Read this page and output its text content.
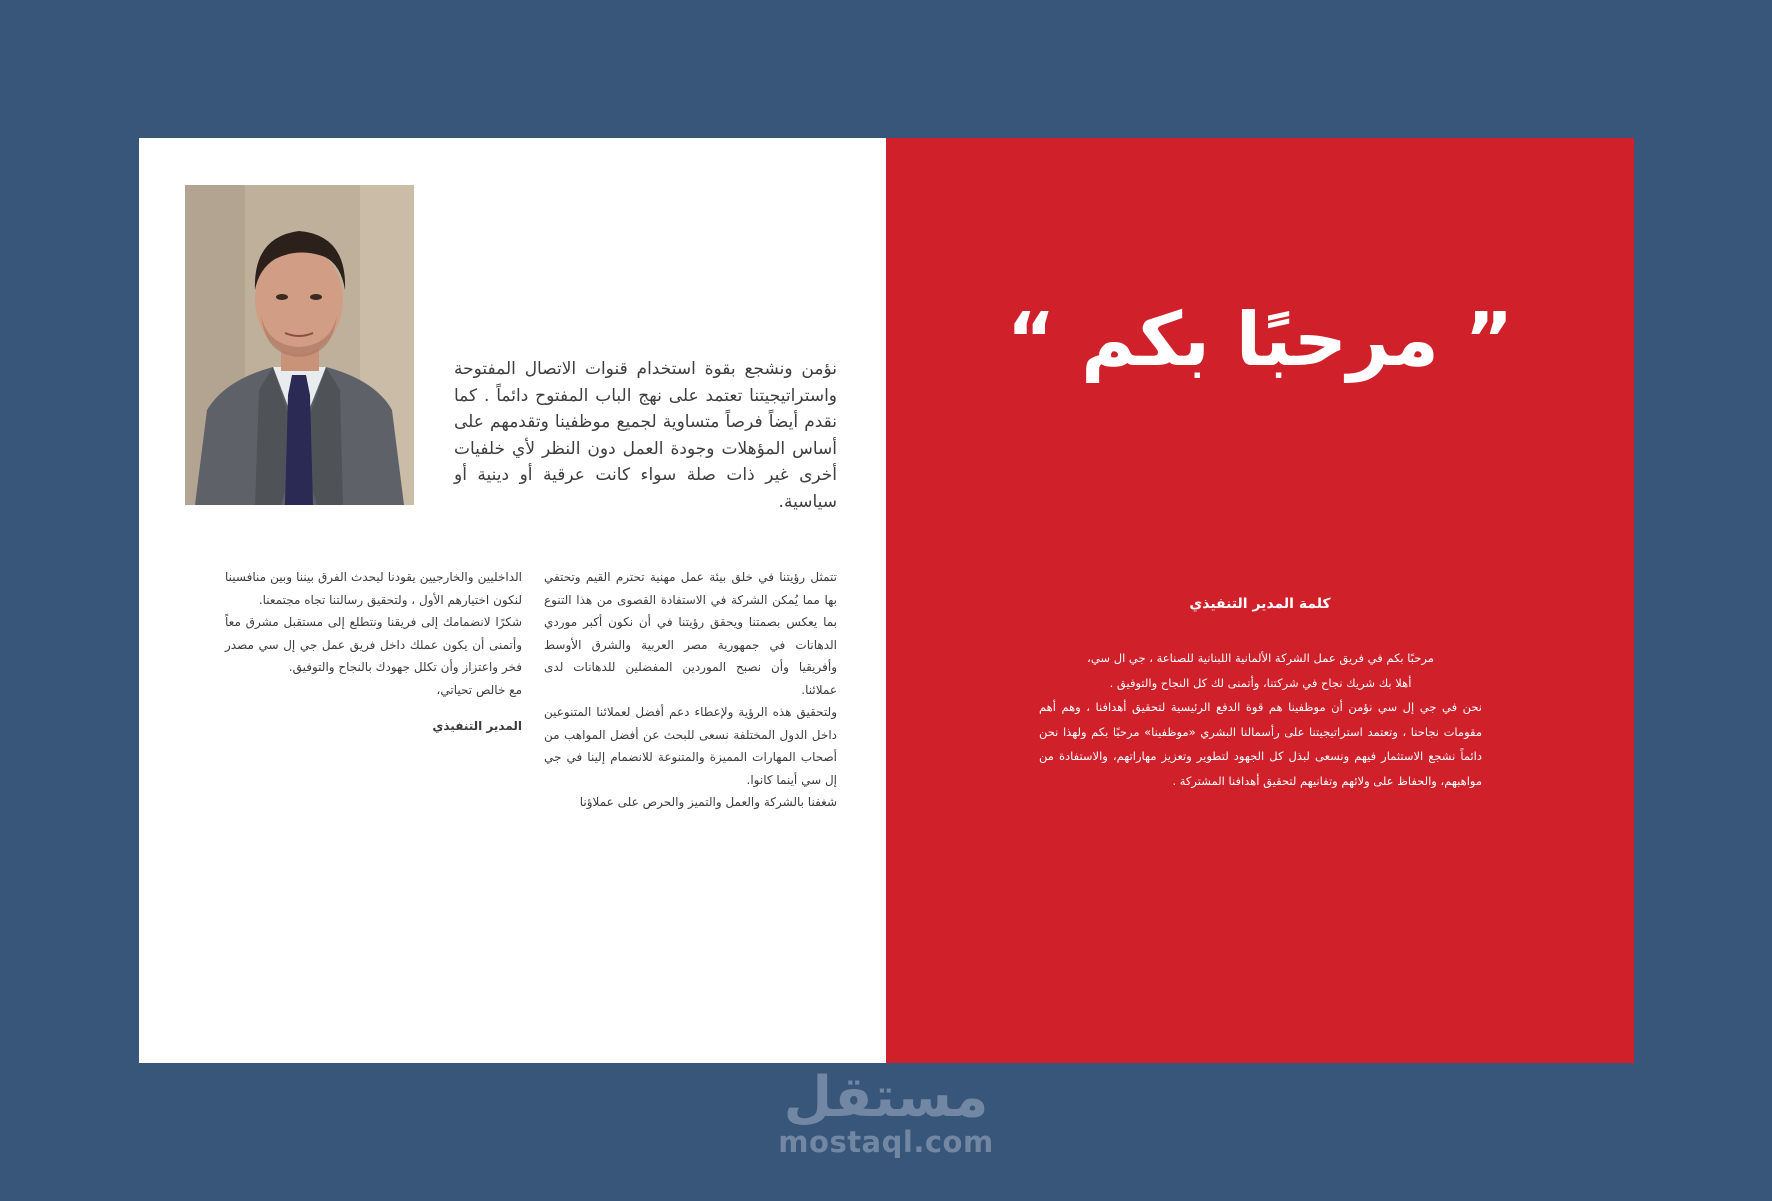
نؤمن ونشجع بقوة استخدام قنوات الاتصال المفتوحة واستراتيجيتنا تعتمد على نهج الباب المفتوح دائماً . كما نقدم أيضاً فرصاً متساوية لجميع موظفينا وتقدمهم على أساس المؤهلات وجودة العمل دون النظر لأي خلفيات أخرى غير ذات صلة سواء كانت عرقية أو دينية أو سياسية.

تتمثل رؤيتنا في خلق بيئة عمل مهنية تحترم القيم وتحتفي بها مما يُمكن الشركة في الاستفادة القصوى من هذا التنوع بما يعكس بصمتنا ويحقق رؤيتنا في أن نكون أكبر موردي الدهانات في جمهورية مصر العربية والشرق الأوسط وأفريقيا وأن نصبح الموردين المفضلين للدهانات لدى عملائنا.

ولتحقيق هذه الرؤية ولإعطاء دعم أفضل لعملائنا المتنوعين داخل الدول المختلفة نسعى للبحث عن أفضل المواهب من أصحاب المهارات المميزة والمتنوعة للانضمام إلينا في جي إل سي أينما كانوا.

شغفنا بالشركة والعمل والتميز والحرص على عملاؤنا

الداخليين والخارجيين يقودنا ليحدث الفرق بيننا وبين منافسينا لنكون اختيارهم الأول ، ولتحقيق رسالتنا تجاه مجتمعنا.

شكرًا لانضمامك إلى فريقنا ونتطلع إلى مستقبل مشرق معاً وأتمنى أن يكون عملك داخل فريق عمل جي إل سي مصدر فخر واعتزاز وأن تكلل جهودك بالنجاح والتوفيق.

مع خالص تحياتي،

المدير التنفيذي

” مرحبًا بكم “
كلمة المدير التنفيذي

مرحبًا بكم في فريق عمل الشركة الألمانية اللبنانية للصناعة ، جي ال سي،

أهلا بك شريك نجاح في شركتنا، وأتمنى لك كل النجاح والتوفيق .

نحن في جي إل سي نؤمن أن موظفينا هم قوة الدفع الرئيسية لتحقيق أهدافنا ، وهم أهم مقومات نجاحنا ، وتعتمد استراتيجيتنا على رأسمالنا البشري «موظفينا» مرحبًا بكم ولهذا نحن دائماً نشجع الاستثمار فيهم ونسعى لبذل كل الجهود لتطوير وتعزيز مهاراتهم، والاستفادة من مواهبهم، والحفاظ على ولائهم وتفانيهم لتحقيق أهدافنا المشتركة .

مستقل
mostaql.com
